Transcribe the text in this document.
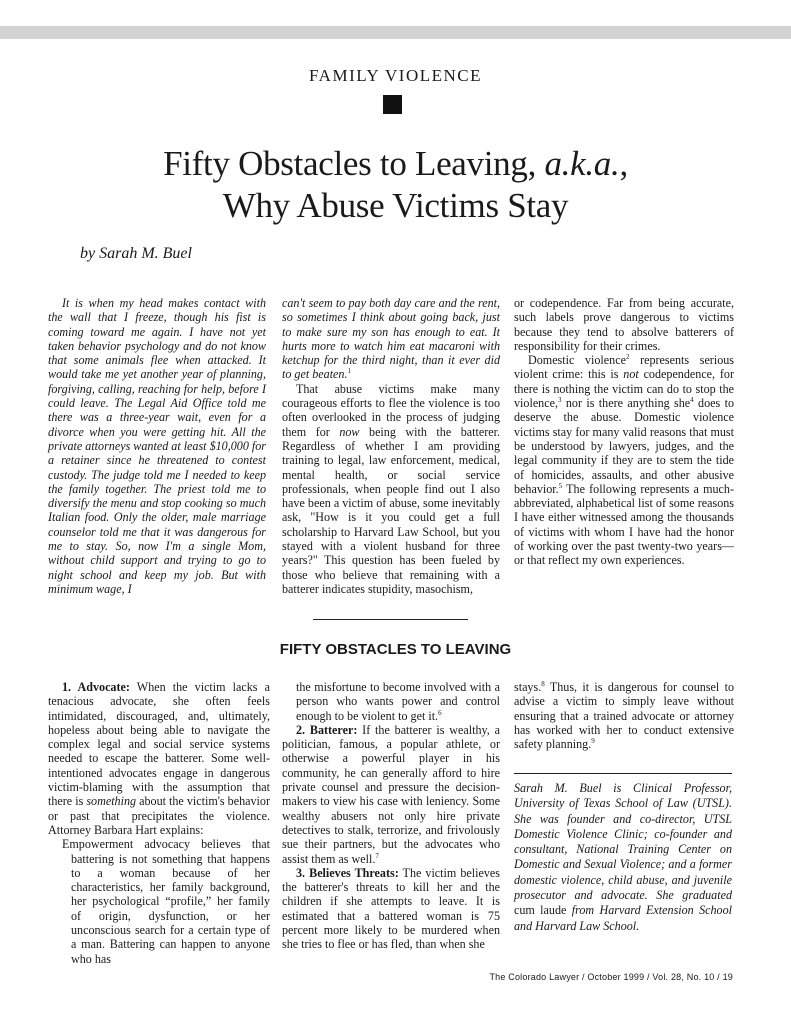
FAMILY VIOLENCE
Fifty Obstacles to Leaving, a.k.a.,
Why Abuse Victims Stay
by Sarah M. Buel

It is when my head makes contact with the wall that I freeze, though his fist is coming toward me again. I have not yet taken behavior psychology and do not know that some animals flee when attacked. It would take me yet another year of planning, forgiving, calling, reaching for help, before I could leave. The Legal Aid Office told me there was a three-year wait, even for a divorce when you were getting hit. All the private attorneys wanted at least $10,000 for a retainer since he threatened to contest custody. The judge told me I needed to keep the family together. The priest told me to diversify the menu and stop cooking so much Italian food. Only the older, male marriage counselor told me that it was dangerous for me to stay. So, now I'm a single Mom, without child support and trying to go to night school and keep my job. But with minimum wage, I

can't seem to pay both day care and the rent, so sometimes I think about going back, just to make sure my son has enough to eat. It hurts more to watch him eat macaroni with ketchup for the third night, than it ever did to get beaten.$^1$

That abuse victims make many courageous efforts to flee the violence is too often overlooked in the process of judging them for now being with the batterer. Regardless of whether I am providing training to legal, law enforcement, medical, mental health, or social service professionals, when people find out I also have been a victim of abuse, some inevitably ask, "How is it you could get a full scholarship to Harvard Law School, but you stayed with a violent husband for three years?" This question has been fueled by those who believe that remaining with a batterer indicates stupidity, masochism,

or codependence. Far from being accurate, such labels prove dangerous to victims because they tend to absolve batterers of responsibility for their crimes.

Domestic violence$^2$ represents serious violent crime: this is not codependence, for there is nothing the victim can do to stop the violence,$^3$ nor is there anything she$^4$ does to deserve the abuse. Domestic violence victims stay for many valid reasons that must be understood by lawyers, judges, and the legal community if they are to stem the tide of homicides, assaults, and other abusive behavior.$^5$ The following represents a much-abbreviated, alphabetical list of some reasons I have either witnessed among the thousands of victims with whom I have had the honor of working over the past twenty-two years—or that reflect my own experiences.

FIFTY OBSTACLES TO LEAVING

1. Advocate: When the victim lacks a tenacious advocate, she often feels intimidated, discouraged, and, ultimately, hopeless about being able to navigate the complex legal and social service systems needed to escape the batterer. Some well-intentioned advocates engage in dangerous victim-blaming with the assumption that there is something about the victim's behavior or past that precipitates the violence. Attorney Barbara Hart explains:

Empowerment advocacy believes that battering is not something that happens to a woman because of her characteristics, her family background, her psychological “profile,” her family of origin, dysfunction, or her unconscious search for a certain type of a man. Battering can happen to anyone who has

the misfortune to become involved with a person who wants power and control enough to be violent to get it.$^6$

2. Batterer: If the batterer is wealthy, a politician, famous, a popular athlete, or otherwise a powerful player in his community, he can generally afford to hire private counsel and pressure the decision-makers to view his case with leniency. Some wealthy abusers not only hire private detectives to stalk, terrorize, and frivolously sue their partners, but the advocates who assist them as well.$^7$

3. Believes Threats: The victim believes the batterer's threats to kill her and the children if she attempts to leave. It is estimated that a battered woman is 75 percent more likely to be murdered when she tries to flee or has fled, than when she

stays.$^8$ Thus, it is dangerous for counsel to advise a victim to simply leave without ensuring that a trained advocate or attorney has worked with her to conduct extensive safety planning.$^9$

Sarah M. Buel is Clinical Professor, University of Texas School of Law (UTSL). She was founder and co-director, UTSL Domestic Violence Clinic; co-founder and consultant, National Training Center on Domestic and Sexual Violence; and a former domestic violence, child abuse, and juvenile prosecutor and advocate. She graduated cum laude from Harvard Extension School and Harvard Law School.
The Colorado Lawyer / October 1999 / Vol. 28, No. 10 / 19
